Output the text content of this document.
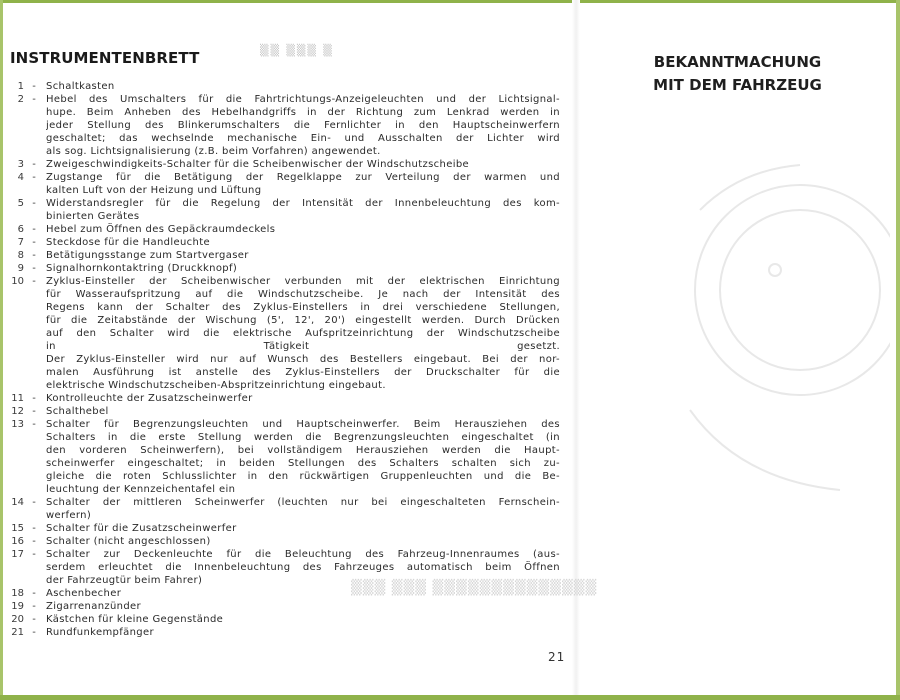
INSTRUMENTENBRETT	▒▒ ▒▒▒ ▒
1 -	Schaltkasten
2 -	Hebel des Umschalters für die Fahrtrichtungs-Anzeigeleuchten und der Lichtsignal-
hupe. Beim Anheben des Hebelhandgriffs in der Richtung zum Lenkrad werden in
jeder Stellung des Blinkerumschalters die Fernlichter in den Hauptscheinwerfern
geschaltet; das wechselnde mechanische Ein- und Ausschalten der Lichter wird
als sog. Lichtsignalisierung (z.B. beim Vorfahren) angewendet.
3 -	Zweigeschwindigkeits-Schalter für die Scheibenwischer der Windschutzscheibe
4 -	Zugstange für die Betätigung der Regelklappe zur Verteilung der warmen und
kalten Luft von der Heizung und Lüftung
5 -	Widerstandsregler für die Regelung der Intensität der Innenbeleuchtung des kom-
binierten Gerätes
6 -	Hebel zum Öffnen des Gepäckraumdeckels
7 -	Steckdose für die Handleuchte
8 -	Betätigungsstange zum Startvergaser
9 -	Signalhornkontaktring (Druckknopf)
10 -	Zyklus-Einsteller der Scheibenwischer verbunden mit der elektrischen Einrichtung
für Wasseraufspritzung auf die Windschutzscheibe. Je nach der Intensität des
Regens kann der Schalter des Zyklus-Einstellers in drei verschiedene Stellungen,
für die Zeitabstände der Wischung (5', 12', 20') eingestellt werden. Durch Drücken
auf den Schalter wird die elektrische Aufspritzeinrichtung der Windschutzscheibe
in Tätigkeit gesetzt.
Der Zyklus-Einsteller wird nur auf Wunsch des Bestellers eingebaut. Bei der nor-
malen Ausführung ist anstelle des Zyklus-Einstellers der Druckschalter für die
elektrische Windschutzscheiben-Abspritzeinrichtung eingebaut.
11 -	Kontrolleuchte der Zusatzscheinwerfer
12 -	Schalthebel
13 -	Schalter für Begrenzungsleuchten und Hauptscheinwerfer. Beim Herausziehen des
Schalters in die erste Stellung werden die Begrenzungsleuchten eingeschaltet (in
den vorderen Scheinwerfern), bei vollständigem Herausziehen werden die Haupt-
scheinwerfer eingeschaltet; in beiden Stellungen des Schalters schalten sich zu-
gleiche die roten Schlusslichter in den rückwärtigen Gruppenleuchten und die Be-
leuchtung der Kennzeichentafel ein
14 -	Schalter der mittleren Scheinwerfer (leuchten nur bei eingeschalteten Fernschein-
werfern)
15 -	Schalter für die Zusatzscheinwerfer
16 -	Schalter (nicht angeschlossen)
17 -	Schalter zur Deckenleuchte für die Beleuchtung des Fahrzeug-Innenraumes (aus-
serdem erleuchtet die Innenbeleuchtung des Fahrzeuges automatisch beim Öffnen
der Fahrzeugtür beim Fahrer)
18 -	Aschenbecher
19 -	Zigarrenanzünder
20 -	Kästchen für kleine Gegenstände
21 -	Rundfunkempfänger
21
BEKANNTMACHUNG
MIT DEM FAHRZEUG
▒▒▒▒▒▒▒▒▒▒▒▒▒▒ ▒▒▒ ▒▒▒
